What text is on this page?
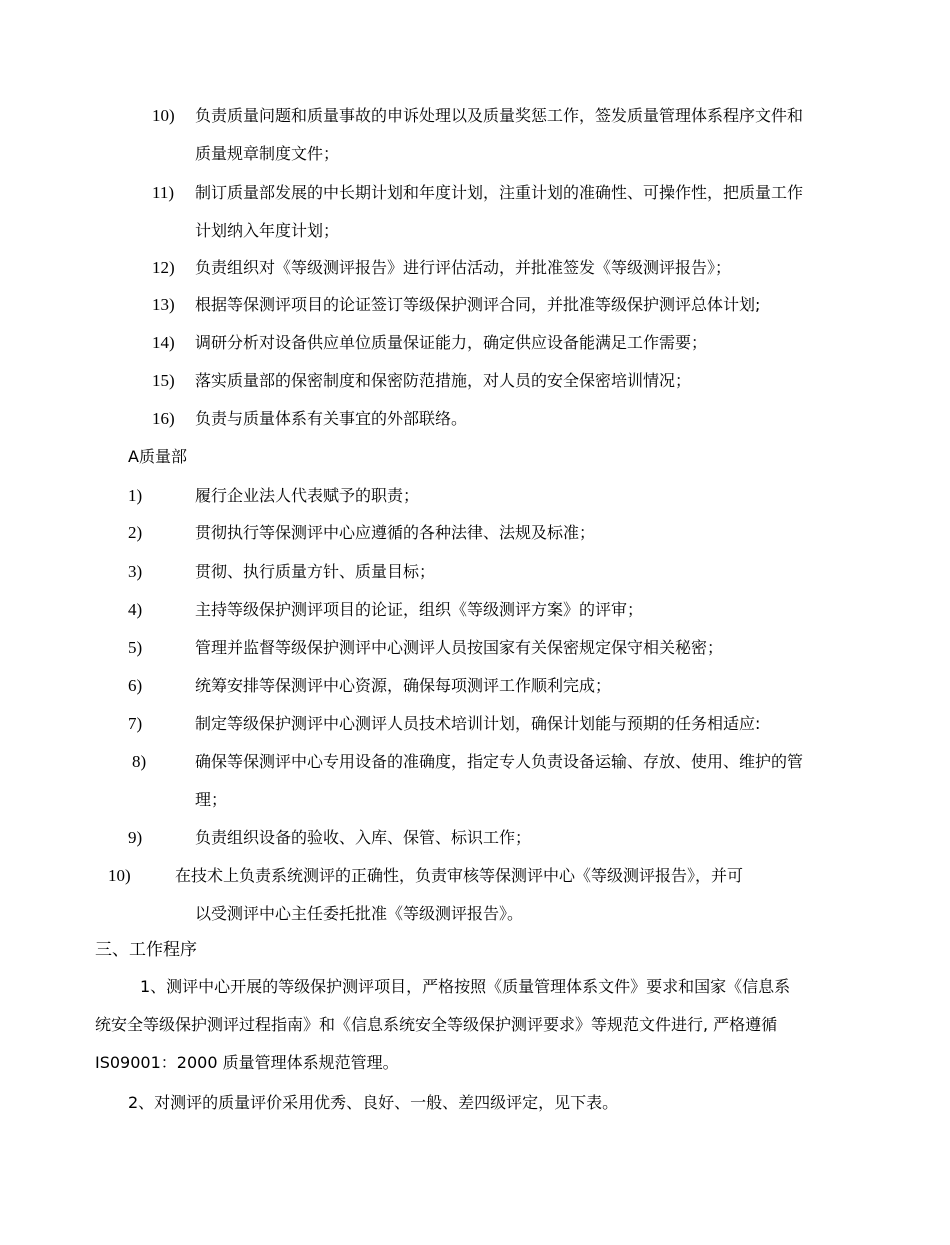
10) 负责质量问题和质量事故的申诉处理以及质量奖惩工作，签发质量管理体系程序文件和
质量规章制度文件；
11) 制订质量部发展的中长期计划和年度计划，注重计划的准确性、可操作性，把质量工作
计划纳入年度计划；
12) 负责组织对《等级测评报告》进行评估活动，并批准签发《等级测评报告》；
13) 根据等保测评项目的论证签订等级保护测评合同，并批准等级保护测评总体计划;
14) 调研分析对设备供应单位质量保证能力，确定供应设备能满足工作需要；
15) 落实质量部的保密制度和保密防范措施，对人员的安全保密培训情况；
16) 负责与质量体系有关事宜的外部联络。
A质量部
1)	履行企业法人代表赋予的职责；
2)	贯彻执行等保测评中心应遵循的各种法律、法规及标准；
3)	贯彻、执行质量方针、质量目标；
4)	主持等级保护测评项目的论证，组织《等级测评方案》的评审；
5)	管理并监督等级保护测评中心测评人员按国家有关保密规定保守相关秘密；
6)	统筹安排等保测评中心资源，确保每项测评工作顺利完成；
7)	制定等级保护测评中心测评人员技术培训计划，确保计划能与预期的任务相适应:
8)	确保等保测评中心专用设备的准确度，指定专人负责设备运输、存放、使用、维护的管
理；
9)	负责组织设备的验收、入库、保管、标识工作；
10)	在技术上负责系统测评的正确性，负责审核等保测评中心《等级测评报告》，并可
以受测评中心主任委托批准《等级测评报告》。
三、工作程序
1、测评中心开展的等级保护测评项目，严格按照《质量管理体系文件》要求和国家《信息系
统安全等级保护测评过程指南》和《信息系统安全等级保护测评要求》等规范文件进行, 严格遵循
IS09001：2000 质量管理体系规范管理。
2、对测评的质量评价采用优秀、良好、一般、差四级评定，见下表。
